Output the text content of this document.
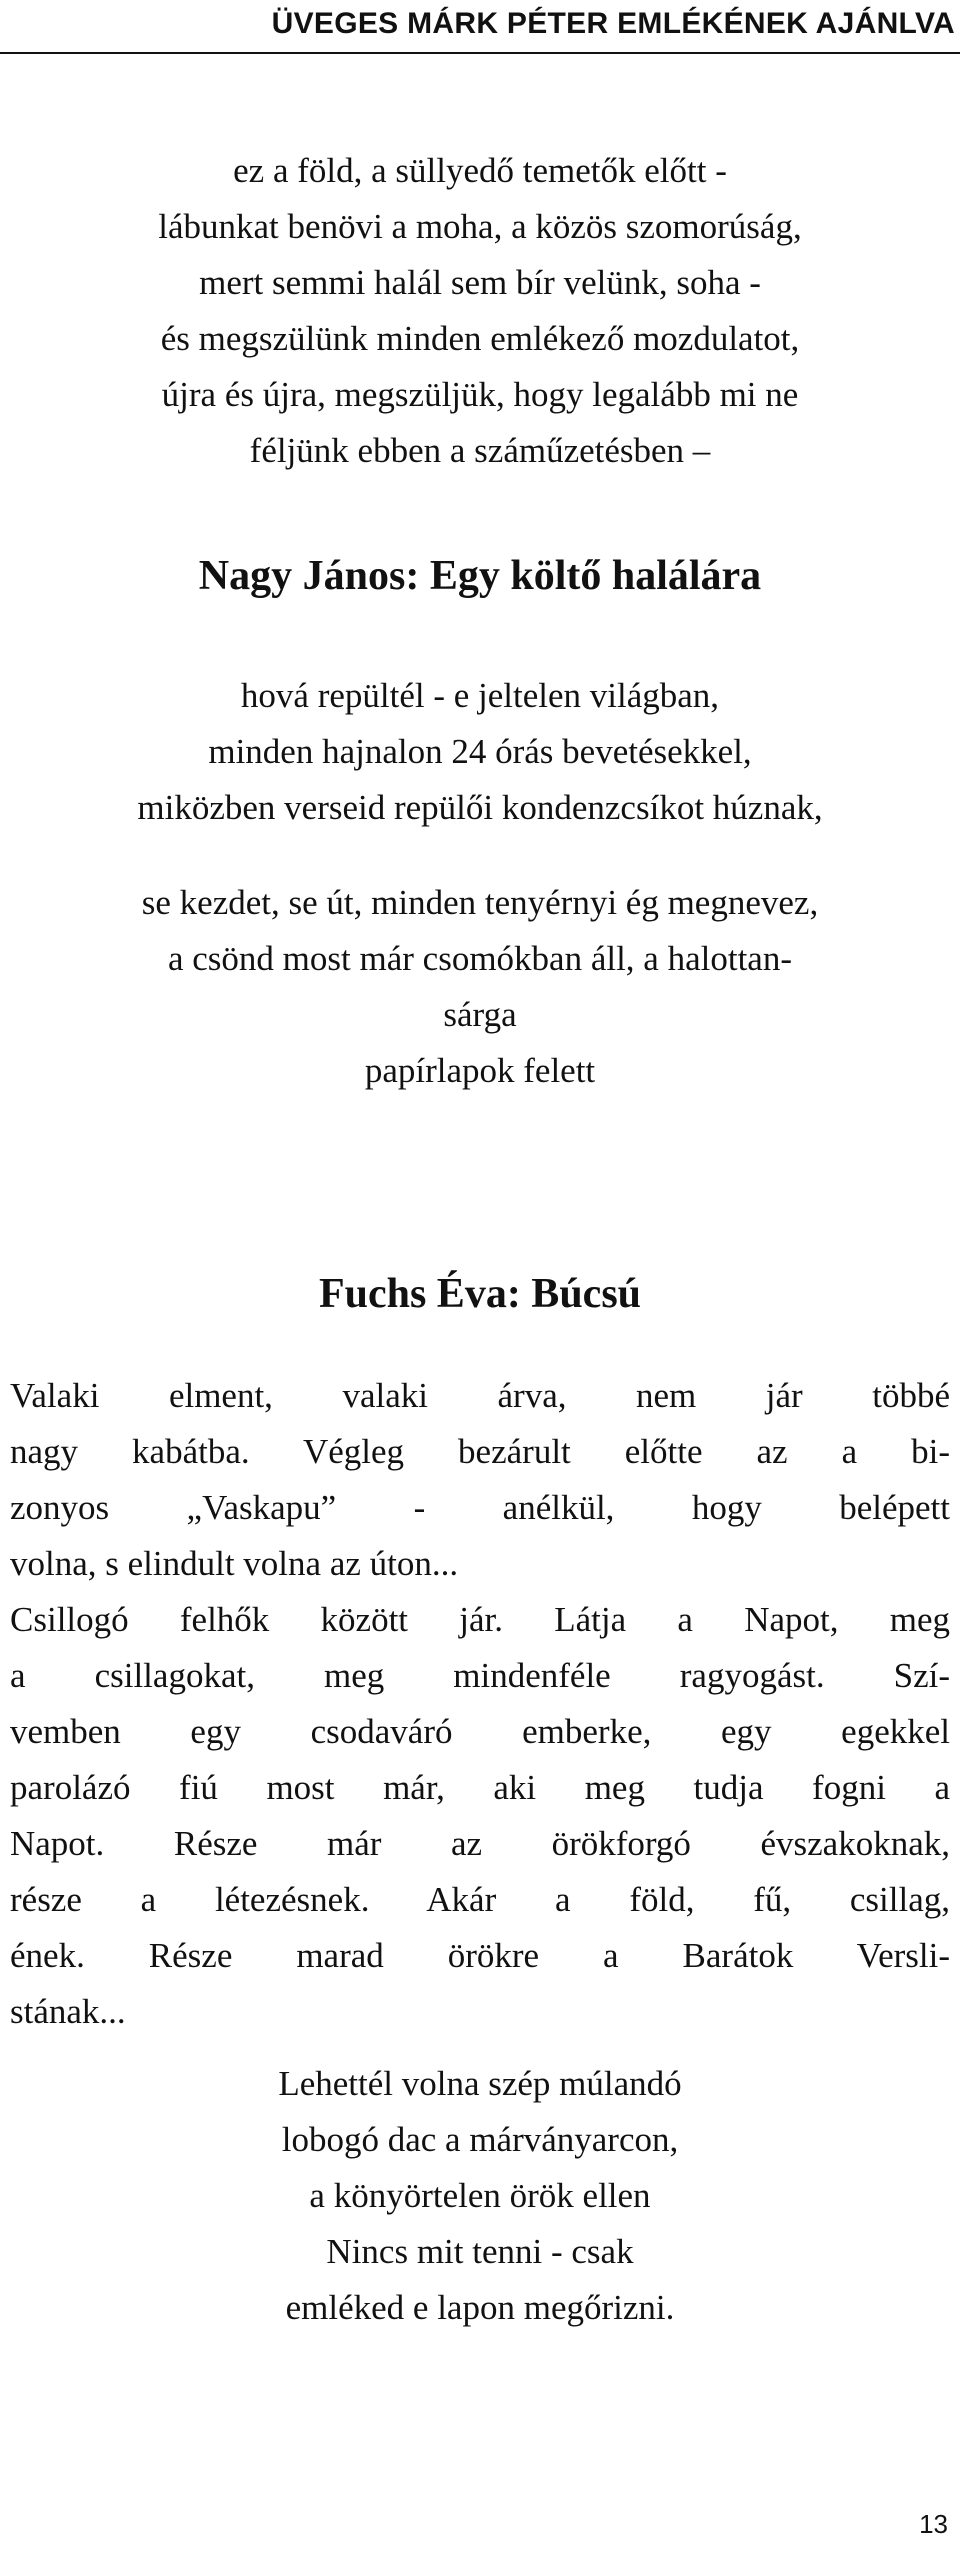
ÜVEGES MÁRK PÉTER EMLÉKÉNEK AJÁNLVA
ez a föld, a süllyedő temetők előtt -
lábunkat benövi a moha, a közös szomorúság,
mert semmi halál sem bír velünk, soha -
és megszülünk minden emlékező mozdulatot,
újra és újra, megszüljük, hogy legalább mi ne
féljünk ebben a száműzetésben –
Nagy János: Egy költő halálára
hová repültél - e jeltelen világban,
minden hajnalon 24 órás bevetésekkel,
miközben verseid repülői kondenzcsíkot húznak,
se kezdet, se út, minden tenyérnyi ég megnevez,
a csönd most már csomókban áll, a halottan-
sárga
papírlapok felett
Fuchs Éva: Búcsú
Valaki elment, valaki árva, nem jár többé
nagy kabátba. Végleg bezárult előtte az a bi-
zonyos „Vaskapu” - anélkül, hogy belépett
volna, s elindult volna az úton...
Csillogó felhők között jár. Látja a Napot, meg
a csillagokat, meg mindenféle ragyogást. Szí-
vemben egy csodaváró emberke, egy egekkel
parolázó fiú most már, aki meg tudja fogni a
Napot. Része már az örökforgó évszakoknak,
része a létezésnek. Akár a föld, fű, csillag,
ének. Része marad örökre a Barátok Versli-
stának...
Lehettél volna szép múlandó
lobogó dac a márványarcon,
a könyörtelen örök ellen
Nincs mit tenni - csak
emléked e lapon megőrizni.
13
